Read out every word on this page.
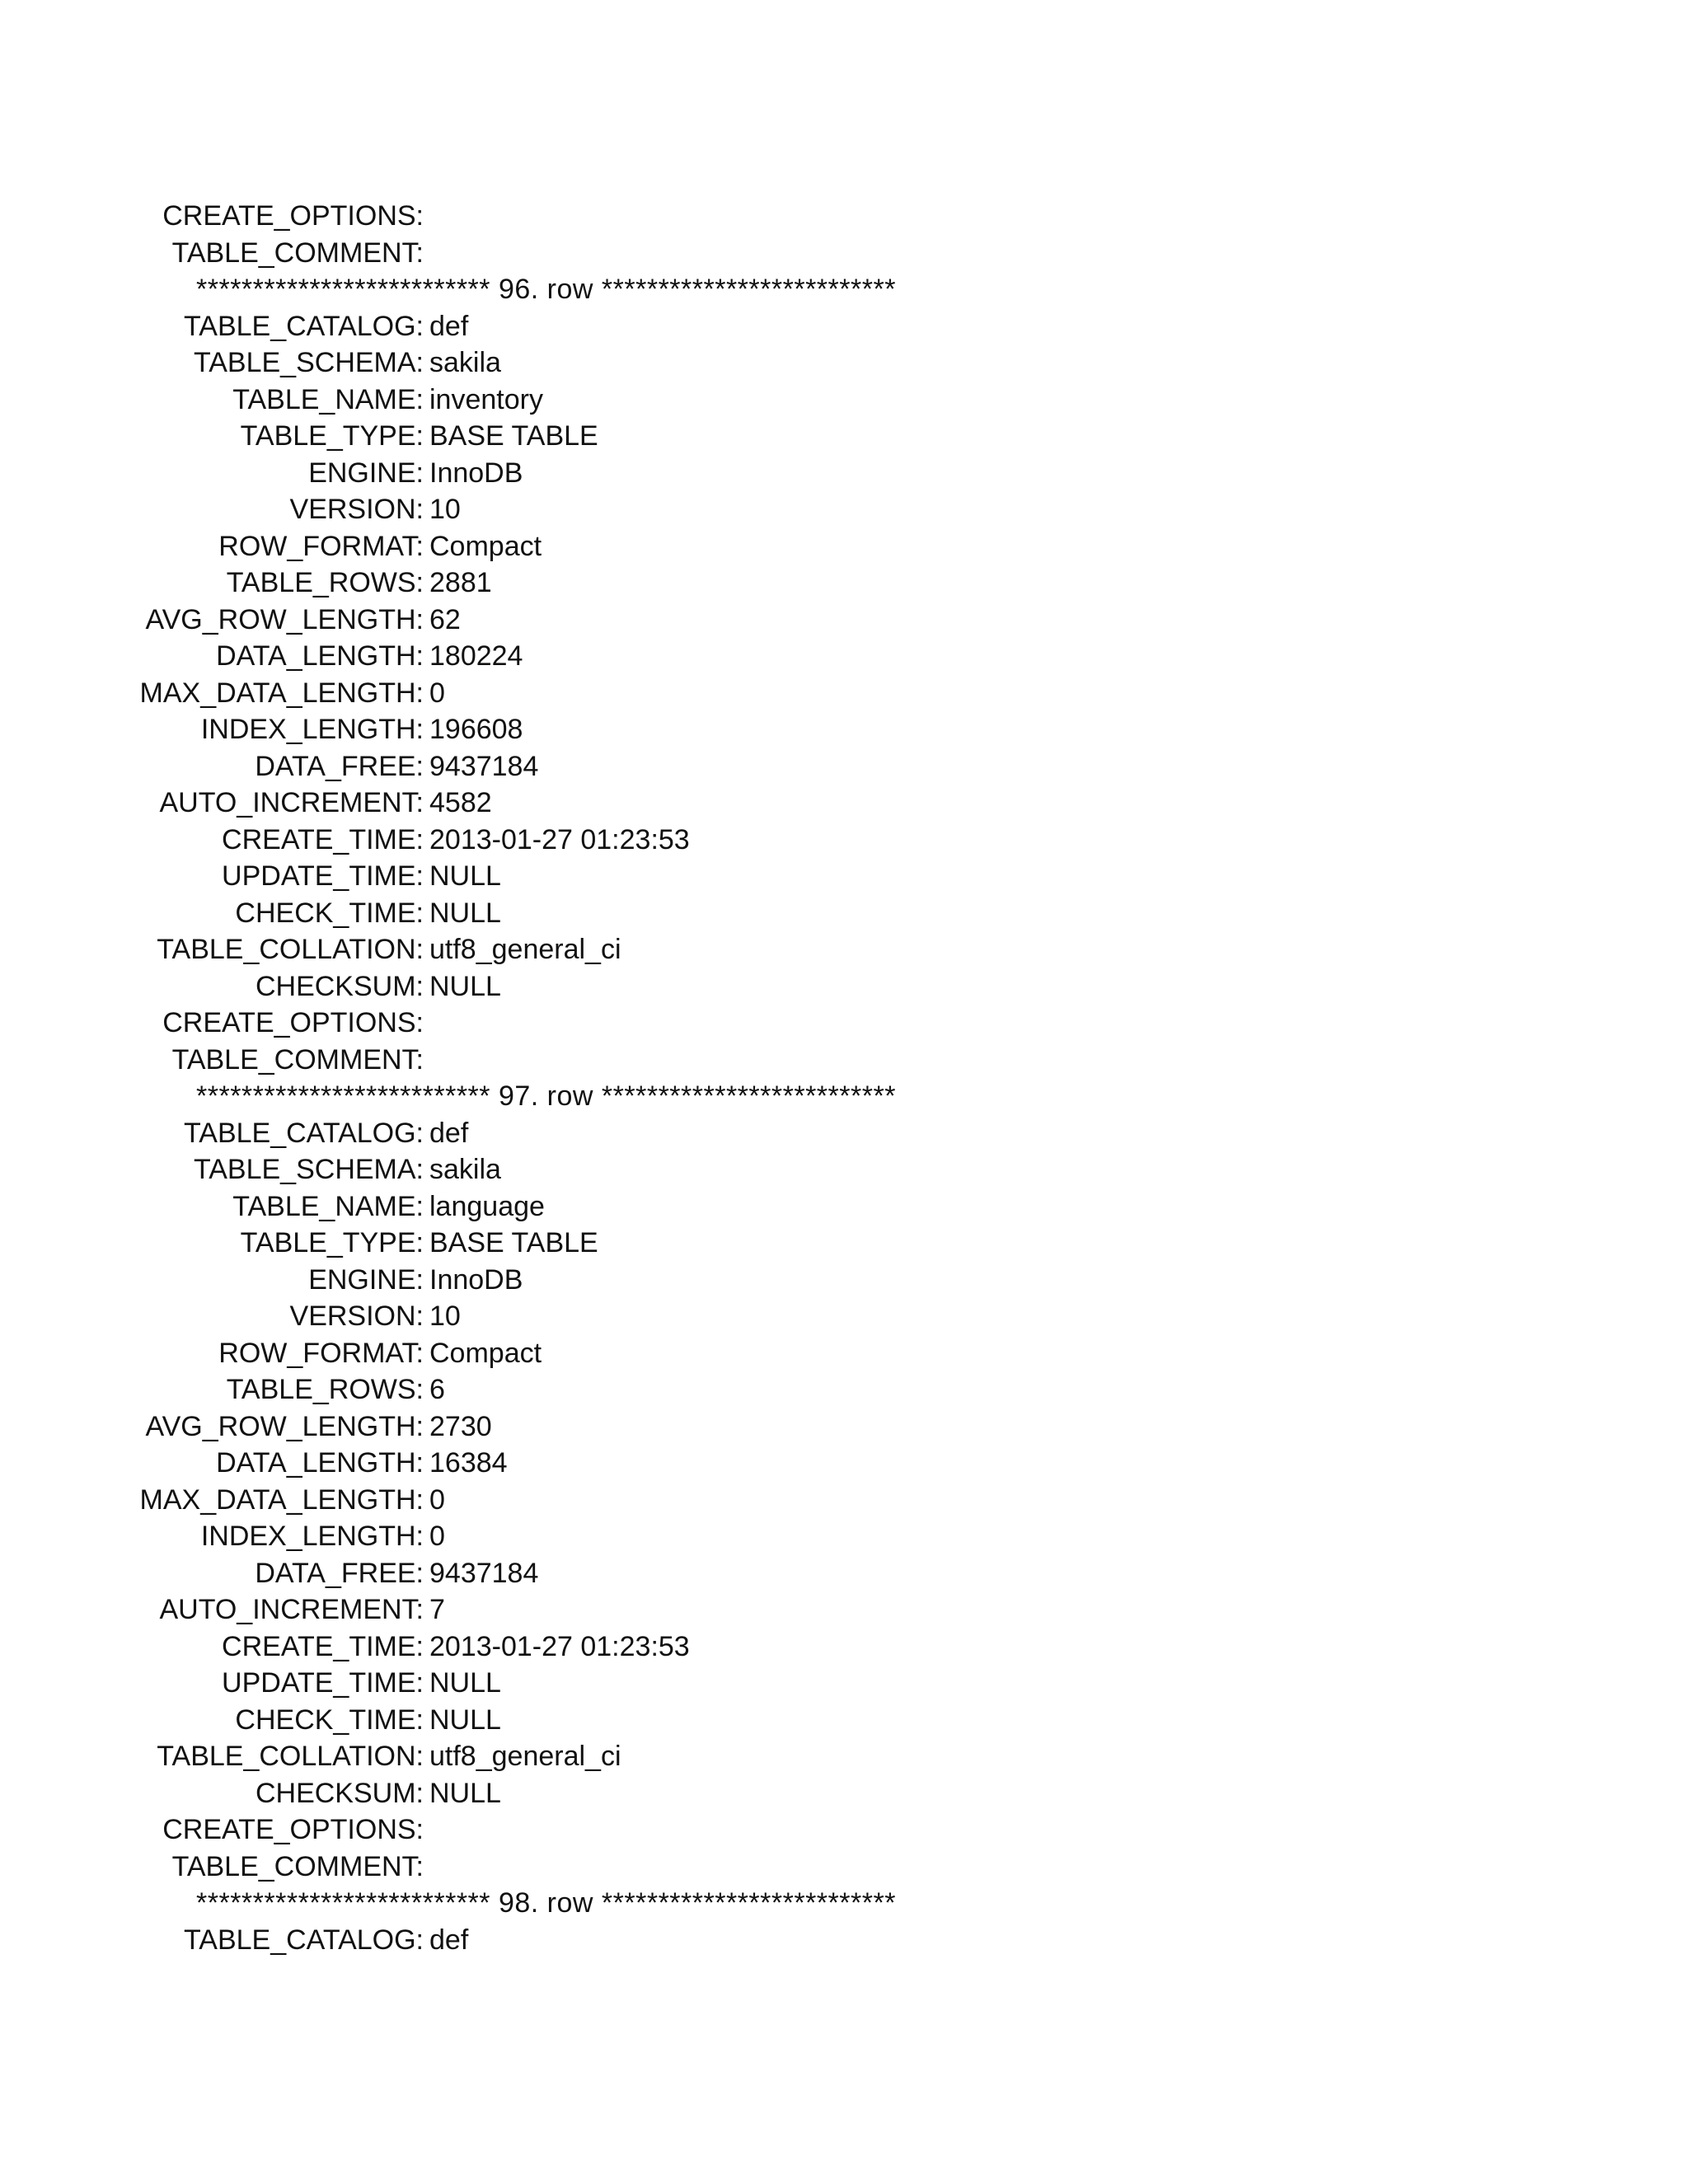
CREATE_OPTIONS:
TABLE_COMMENT:
************************** 96. row **************************
TABLE_CATALOG: def
TABLE_SCHEMA: sakila
TABLE_NAME: inventory
TABLE_TYPE: BASE TABLE
ENGINE: InnoDB
VERSION: 10
ROW_FORMAT: Compact
TABLE_ROWS: 2881
AVG_ROW_LENGTH: 62
DATA_LENGTH: 180224
MAX_DATA_LENGTH: 0
INDEX_LENGTH: 196608
DATA_FREE: 9437184
AUTO_INCREMENT: 4582
CREATE_TIME: 2013-01-27 01:23:53
UPDATE_TIME: NULL
CHECK_TIME: NULL
TABLE_COLLATION: utf8_general_ci
CHECKSUM: NULL
CREATE_OPTIONS:
TABLE_COMMENT:
************************** 97. row **************************
TABLE_CATALOG: def
TABLE_SCHEMA: sakila
TABLE_NAME: language
TABLE_TYPE: BASE TABLE
ENGINE: InnoDB
VERSION: 10
ROW_FORMAT: Compact
TABLE_ROWS: 6
AVG_ROW_LENGTH: 2730
DATA_LENGTH: 16384
MAX_DATA_LENGTH: 0
INDEX_LENGTH: 0
DATA_FREE: 9437184
AUTO_INCREMENT: 7
CREATE_TIME: 2013-01-27 01:23:53
UPDATE_TIME: NULL
CHECK_TIME: NULL
TABLE_COLLATION: utf8_general_ci
CHECKSUM: NULL
CREATE_OPTIONS:
TABLE_COMMENT:
************************** 98. row **************************
TABLE_CATALOG: def
